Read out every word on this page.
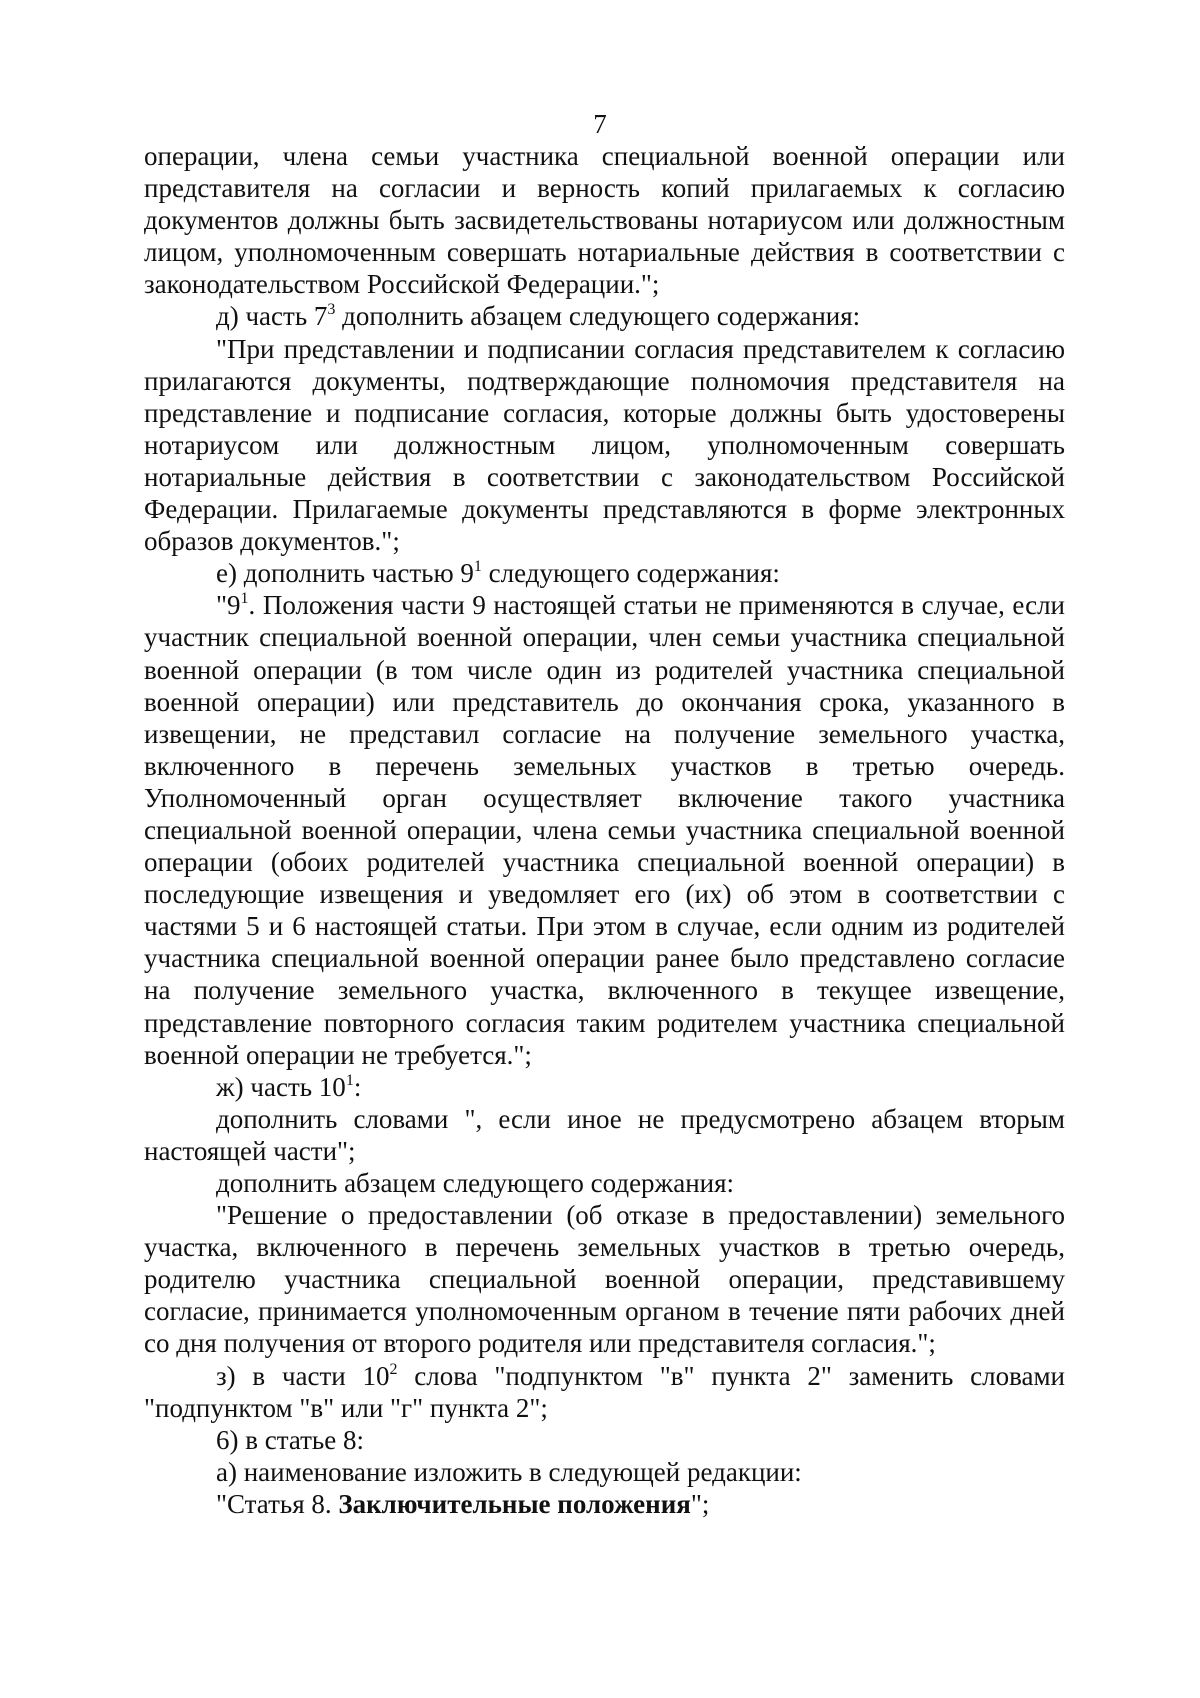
7

операции, члена семьи участника специальной военной операции или представителя на согласии и верность копий прилагаемых к согласию документов должны быть засвидетельствованы нотариусом или должностным лицом, уполномоченным совершать нотариальные действия в соответствии с законодательством Российской Федерации.";

д) часть $7^3$ дополнить абзацем следующего содержания:

"При представлении и подписании согласия представителем к согласию прилагаются документы, подтверждающие полномочия представителя на представление и подписание согласия, которые должны быть удостоверены нотариусом или должностным лицом, уполномоченным совершать нотариальные действия в соответствии с законодательством Российской Федерации. Прилагаемые документы представляются в форме электронных образов документов.";

е) дополнить частью $9^1$ следующего содержания:

"$9^1$. Положения части 9 настоящей статьи не применяются в случае, если участник специальной военной операции, член семьи участника специальной военной операции (в том числе один из родителей участника специальной военной операции) или представитель до окончания срока, указанного в извещении, не представил согласие на получение земельного участка, включенного в перечень земельных участков в третью очередь. Уполномоченный орган осуществляет включение такого участника специальной военной операции, члена семьи участника специальной военной операции (обоих родителей участника специальной военной операции) в последующие извещения и уведомляет его (их) об этом в соответствии с частями 5 и 6 настоящей статьи. При этом в случае, если одним из родителей участника специальной военной операции ранее было представлено согласие на получение земельного участка, включенного в текущее извещение, представление повторного согласия таким родителем участника специальной военной операции не требуется.";

ж) часть $10^1$:

дополнить словами ", если иное не предусмотрено абзацем вторым настоящей части";

дополнить абзацем следующего содержания:

"Решение о предоставлении (об отказе в предоставлении) земельного участка, включенного в перечень земельных участков в третью очередь, родителю участника специальной военной операции, представившему согласие, принимается уполномоченным органом в течение пяти рабочих дней со дня получения от второго родителя или представителя согласия.";

з) в части $10^2$ слова "подпунктом "в" пункта 2" заменить словами "подпунктом "в" или "г" пункта 2";

6) в статье 8:

а) наименование изложить в следующей редакции:

"Статья 8. Заключительные положения";
